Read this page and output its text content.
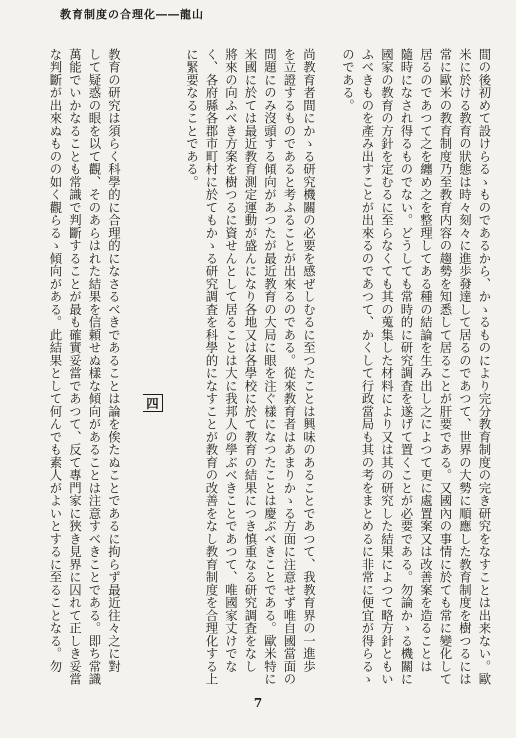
教育制度の合理化――龍山
間の後初めて設けらるゝものであるから、かゝるものにより完分教育制度の完き研究をなすことは出来ない。歐
米に於ける教育の狀態は時々刻々に進歩發達して居るのであつて、世界の大勢に順應した教育制度を樹つるには
常に歐米の教育制度乃至教育内容の趨勢を知悉して居ることが肝要である。又國內の事情に於ても常に變化して
居るのであつて之を纏め之を整理してある種の結論を生み出し之によつて更に處置案又は改善案を造ることは
隨時になされ得るものでない。どうしても常時的に研究調査を遂げて置くことが必要である。勿論かゝる機關に
國家の教育の方針を定むるに至らなくても其の蒐集した材料により又は其の研究した結果によつて略方針ともい
ふべきものを產み出すことが出來るのであつて、かくして行政當局も其の考をまとめるに非常に便宜が得らるゝ
のである。
尚教育者間にかゝる研究機關の必要を感ぜしむるに至つたことは興味のあることであつて、我教育界の一進歩
を立證するものであると考ふることが出來るのである。從來教育者はあまりかゝる方面に注意せず唯自國當面の
問題にのみ沒頭する傾向があつたが最近教育の大局に眼を注ぐ樣になつたことは慶ぶべきことである。歐米特に
米國に於ては最近教育測定運動が盛んになり各地又は各學校に於て教育の結果につき慎重なる研究調査をなし
將來の向ふべき方案を樹つるに資せんとして居ることは大に我邦人の學ぶべきことであつて、唯國家丈けでな
く、各府縣各郡市町村に於てもかゝる研究調査を科學的になすことが教育の改善をなし教育制度を合理化する上
に緊要なることである。
四
教育の研究は須らく科學的に合理的になさるべきであることは論を俟たぬことであるに拘らず最近往々之に對
して疑惑の眼を以て觀、そのあらはれた結果を信頼せぬ樣な傾向があることは注意すべきことである。即ち常識
萬能でいかなることも常識で判斷することが最も確實妥當であつて、反て專門家に狹き見界に囚れて正しき妥當
な判斷が出來ぬものの如く觀らるゝ傾向がある。此結果として何んでも素人がよいとするに至ることなる。勿
7
